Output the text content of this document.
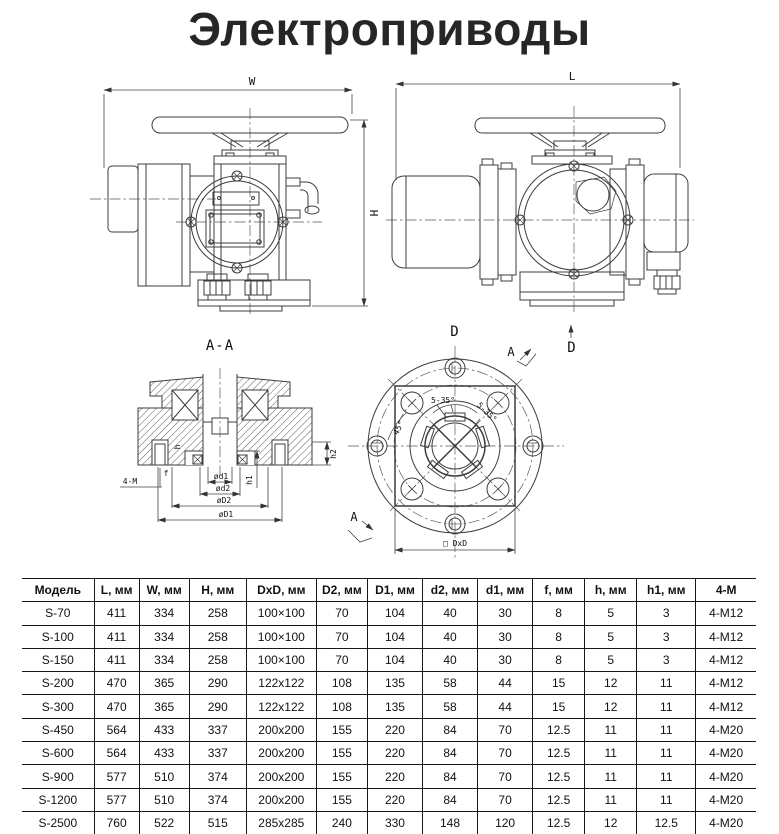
Электроприводы
W
H
L
A-A
ød1
ød2
øD2
øD1
4-M	h1
h2
h
f
D
D
A
A
5-35°
5-35°
45°
□ DxD
Модель	L, мм	W, мм	H, мм	DxD, мм	D2, мм	D1, мм	d2, мм	d1, мм	f, мм	h, мм	h1, мм	4-M
S-70	411	334	258	100×100	70	104	40	30	8	5	3	4-M12
S-100	411	334	258	100×100	70	104	40	30	8	5	3	4-M12
S-150	411	334	258	100×100	70	104	40	30	8	5	3	4-M12
S-200	470	365	290	122x122	108	135	58	44	15	12	11	4-M12
S-300	470	365	290	122x122	108	135	58	44	15	12	11	4-M12
S-450	564	433	337	200x200	155	220	84	70	12.5	11	11	4-M20
S-600	564	433	337	200x200	155	220	84	70	12.5	11	11	4-M20
S-900	577	510	374	200x200	155	220	84	70	12.5	11	11	4-M20
S-1200	577	510	374	200x200	155	220	84	70	12.5	11	11	4-M20
S-2500	760	522	515	285x285	240	330	148	120	12.5	12	12.5	4-M20
